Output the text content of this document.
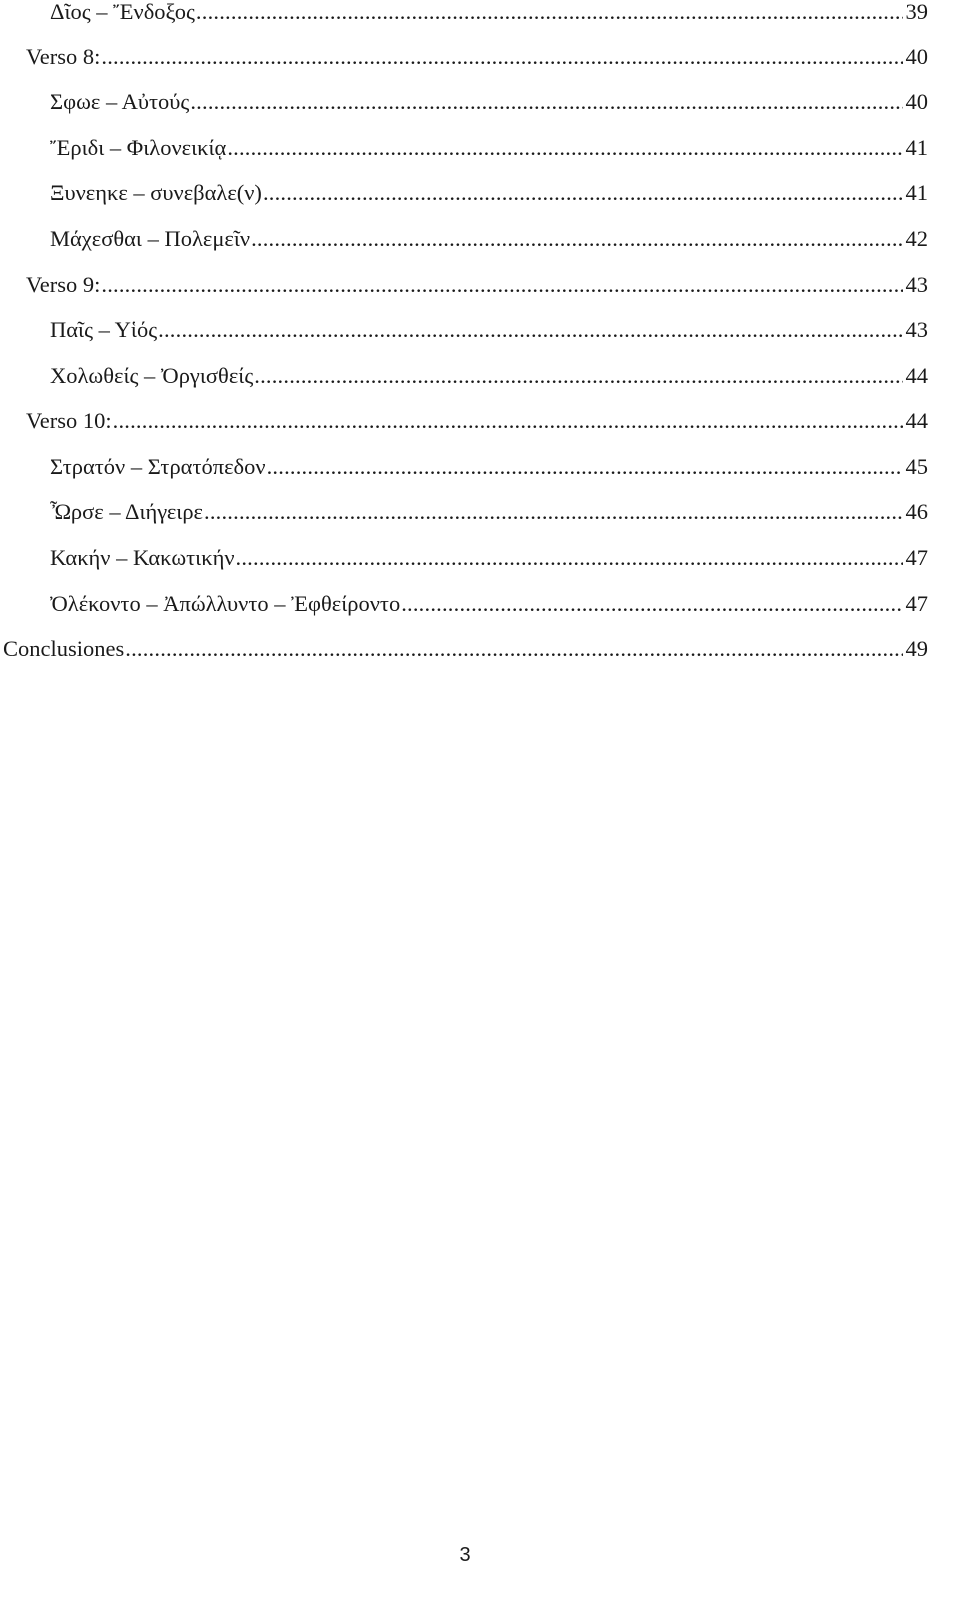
Δῖος – Ἔνδοξος .....	39
Verso 8: .....	40
Σφωε – Αὐτούς .....	40
Ἔριδι – Φιλονεικίᾳ .....	41
Ξυνεηκε – συνεβαλε(ν) .....	41
Μάχεσθαι – Πολεμεῖν .....	42
Verso 9: .....	43
Παῖς – Υἱός .....	43
Χολωθείς – Ὀργισθείς .....	44
Verso 10: .....	44
Στρατόν – Στρατόπεδον .....	45
Ὦρσε – Διήγειρε .....	46
Κακήν – Κακωτικήν .....	47
Ὀλέκοντο – Ἀπώλλυντο – Ἐφθείροντο .....	47
Conclusiones .....	49
3
